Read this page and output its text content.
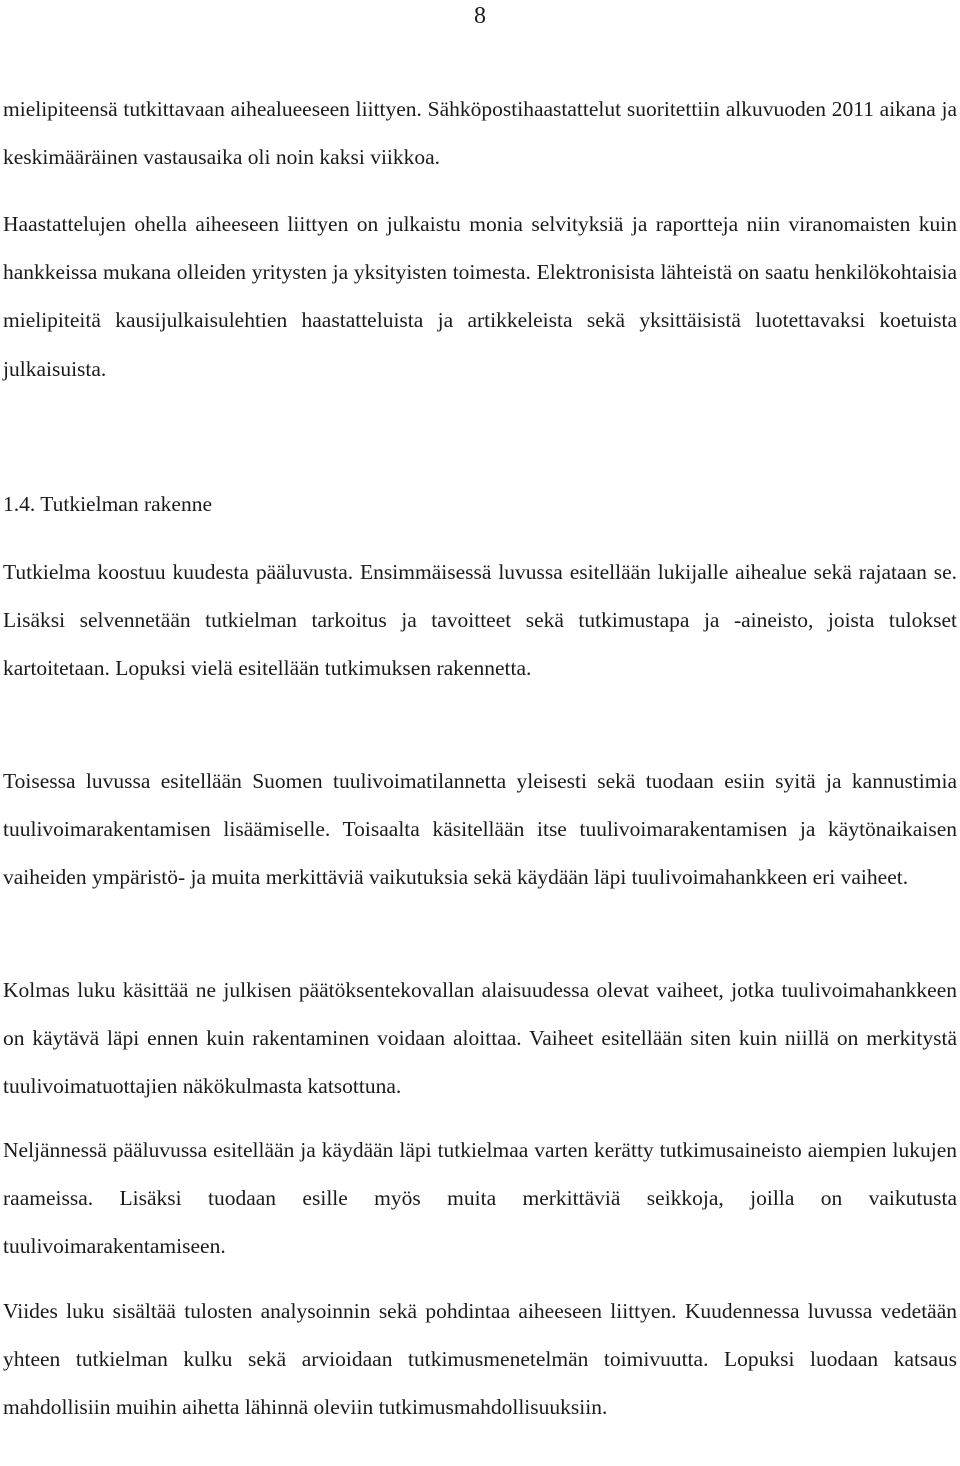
8

mielipiteensä tutkittavaan aihealueeseen liittyen. Sähköpostihaastattelut suoritettiin alkuvuoden 2011 aikana ja keskimääräinen vastausaika oli noin kaksi viikkoa.

Haastattelujen ohella aiheeseen liittyen on julkaistu monia selvityksiä ja raportteja niin viranomaisten kuin hankkeissa mukana olleiden yritysten ja yksityisten toimesta. Elektronisista lähteistä on saatu henkilökohtaisia mielipiteitä kausijulkaisulehtien haastatteluista ja artikkeleista sekä yksittäisistä luotettavaksi koetuista julkaisuista.

1.4. Tutkielman rakenne

Tutkielma koostuu kuudesta pääluvusta. Ensimmäisessä luvussa esitellään lukijalle aihealue sekä rajataan se. Lisäksi selvennetään tutkielman tarkoitus ja tavoitteet sekä tutkimustapa ja -aineisto, joista tulokset kartoitetaan. Lopuksi vielä esitellään tutkimuksen rakennetta.

Toisessa luvussa esitellään Suomen tuulivoimatilannetta yleisesti sekä tuodaan esiin syitä ja kannustimia tuulivoimarakentamisen lisäämiselle. Toisaalta käsitellään itse tuulivoimarakentamisen ja käytönaikaisen vaiheiden ympäristö- ja muita merkittäviä vaikutuksia sekä käydään läpi tuulivoimahankkeen eri vaiheet.

Kolmas luku käsittää ne julkisen päätöksentekovallan alaisuudessa olevat vaiheet, jotka tuulivoimahankkeen on käytävä läpi ennen kuin rakentaminen voidaan aloittaa. Vaiheet esitellään siten kuin niillä on merkitystä tuulivoimatuottajien näkökulmasta katsottuna.

Neljännessä pääluvussa esitellään ja käydään läpi tutkielmaa varten kerätty tutkimusaineisto aiempien lukujen raameissa. Lisäksi tuodaan esille myös muita merkittäviä seikkoja, joilla on vaikutusta tuulivoimarakentamiseen.

Viides luku sisältää tulosten analysoinnin sekä pohdintaa aiheeseen liittyen. Kuudennessa luvussa vedetään yhteen tutkielman kulku sekä arvioidaan tutkimusmenetelmän toimivuutta. Lopuksi luodaan katsaus mahdollisiin muihin aihetta lähinnä oleviin tutkimusmahdollisuuksiin.
